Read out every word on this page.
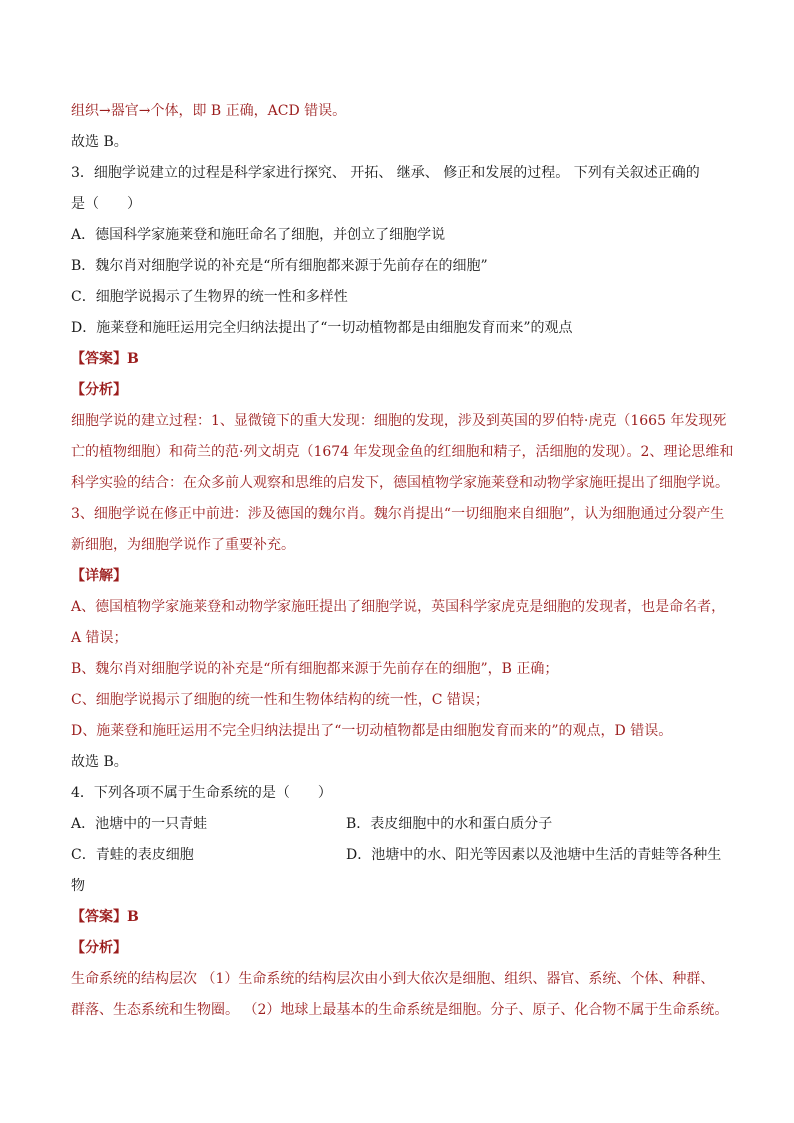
组织→器官→个体，即 B 正确，ACD 错误。
故选 B。
3．细胞学说建立的过程是科学家进行探究、 开拓、 继承、 修正和发展的过程。 下列有关叙述正确的
是（　　）
A．德国科学家施莱登和施旺命名了细胞，并创立了细胞学说
B．魏尔肖对细胞学说的补充是“所有细胞都来源于先前存在的细胞”
C．细胞学说揭示了生物界的统一性和多样性
D．施莱登和施旺运用完全归纳法提出了“一切动植物都是由细胞发育而来”的观点
【答案】B
【分析】
细胞学说的建立过程：1、显微镜下的重大发现：细胞的发现，涉及到英国的罗伯特·虎克（1665 年发现死
亡的植物细胞）和荷兰的范·列文胡克（1674 年发现金鱼的红细胞和精子，活细胞的发现）。2、理论思维和
科学实验的结合：在众多前人观察和思维的启发下，德国植物学家施莱登和动物学家施旺提出了细胞学说。
3、细胞学说在修正中前进：涉及德国的魏尔肖。魏尔肖提出“一切细胞来自细胞”，认为细胞通过分裂产生
新细胞，为细胞学说作了重要补充。
【详解】
A、德国植物学家施莱登和动物学家施旺提出了细胞学说，英国科学家虎克是细胞的发现者，也是命名者，
A 错误；
B、魏尔肖对细胞学说的补充是“所有细胞都来源于先前存在的细胞”，B 正确；
C、细胞学说揭示了细胞的统一性和生物体结构的统一性，C 错误；
D、施莱登和施旺运用不完全归纳法提出了“一切动植物都是由细胞发育而来的”的观点，D 错误。
故选 B。
4．下列各项不属于生命系统的是（　　）
A．池塘中的一只青蛙	B．表皮细胞中的水和蛋白质分子
C．青蛙的表皮细胞	D．池塘中的水、阳光等因素以及池塘中生活的青蛙等各种生
物
【答案】B
【分析】
生命系统的结构层次 （1）生命系统的结构层次由小到大依次是细胞、组织、器官、系统、个体、种群、
群落、生态系统和生物圈。 （2）地球上最基本的生命系统是细胞。分子、原子、化合物不属于生命系统。
